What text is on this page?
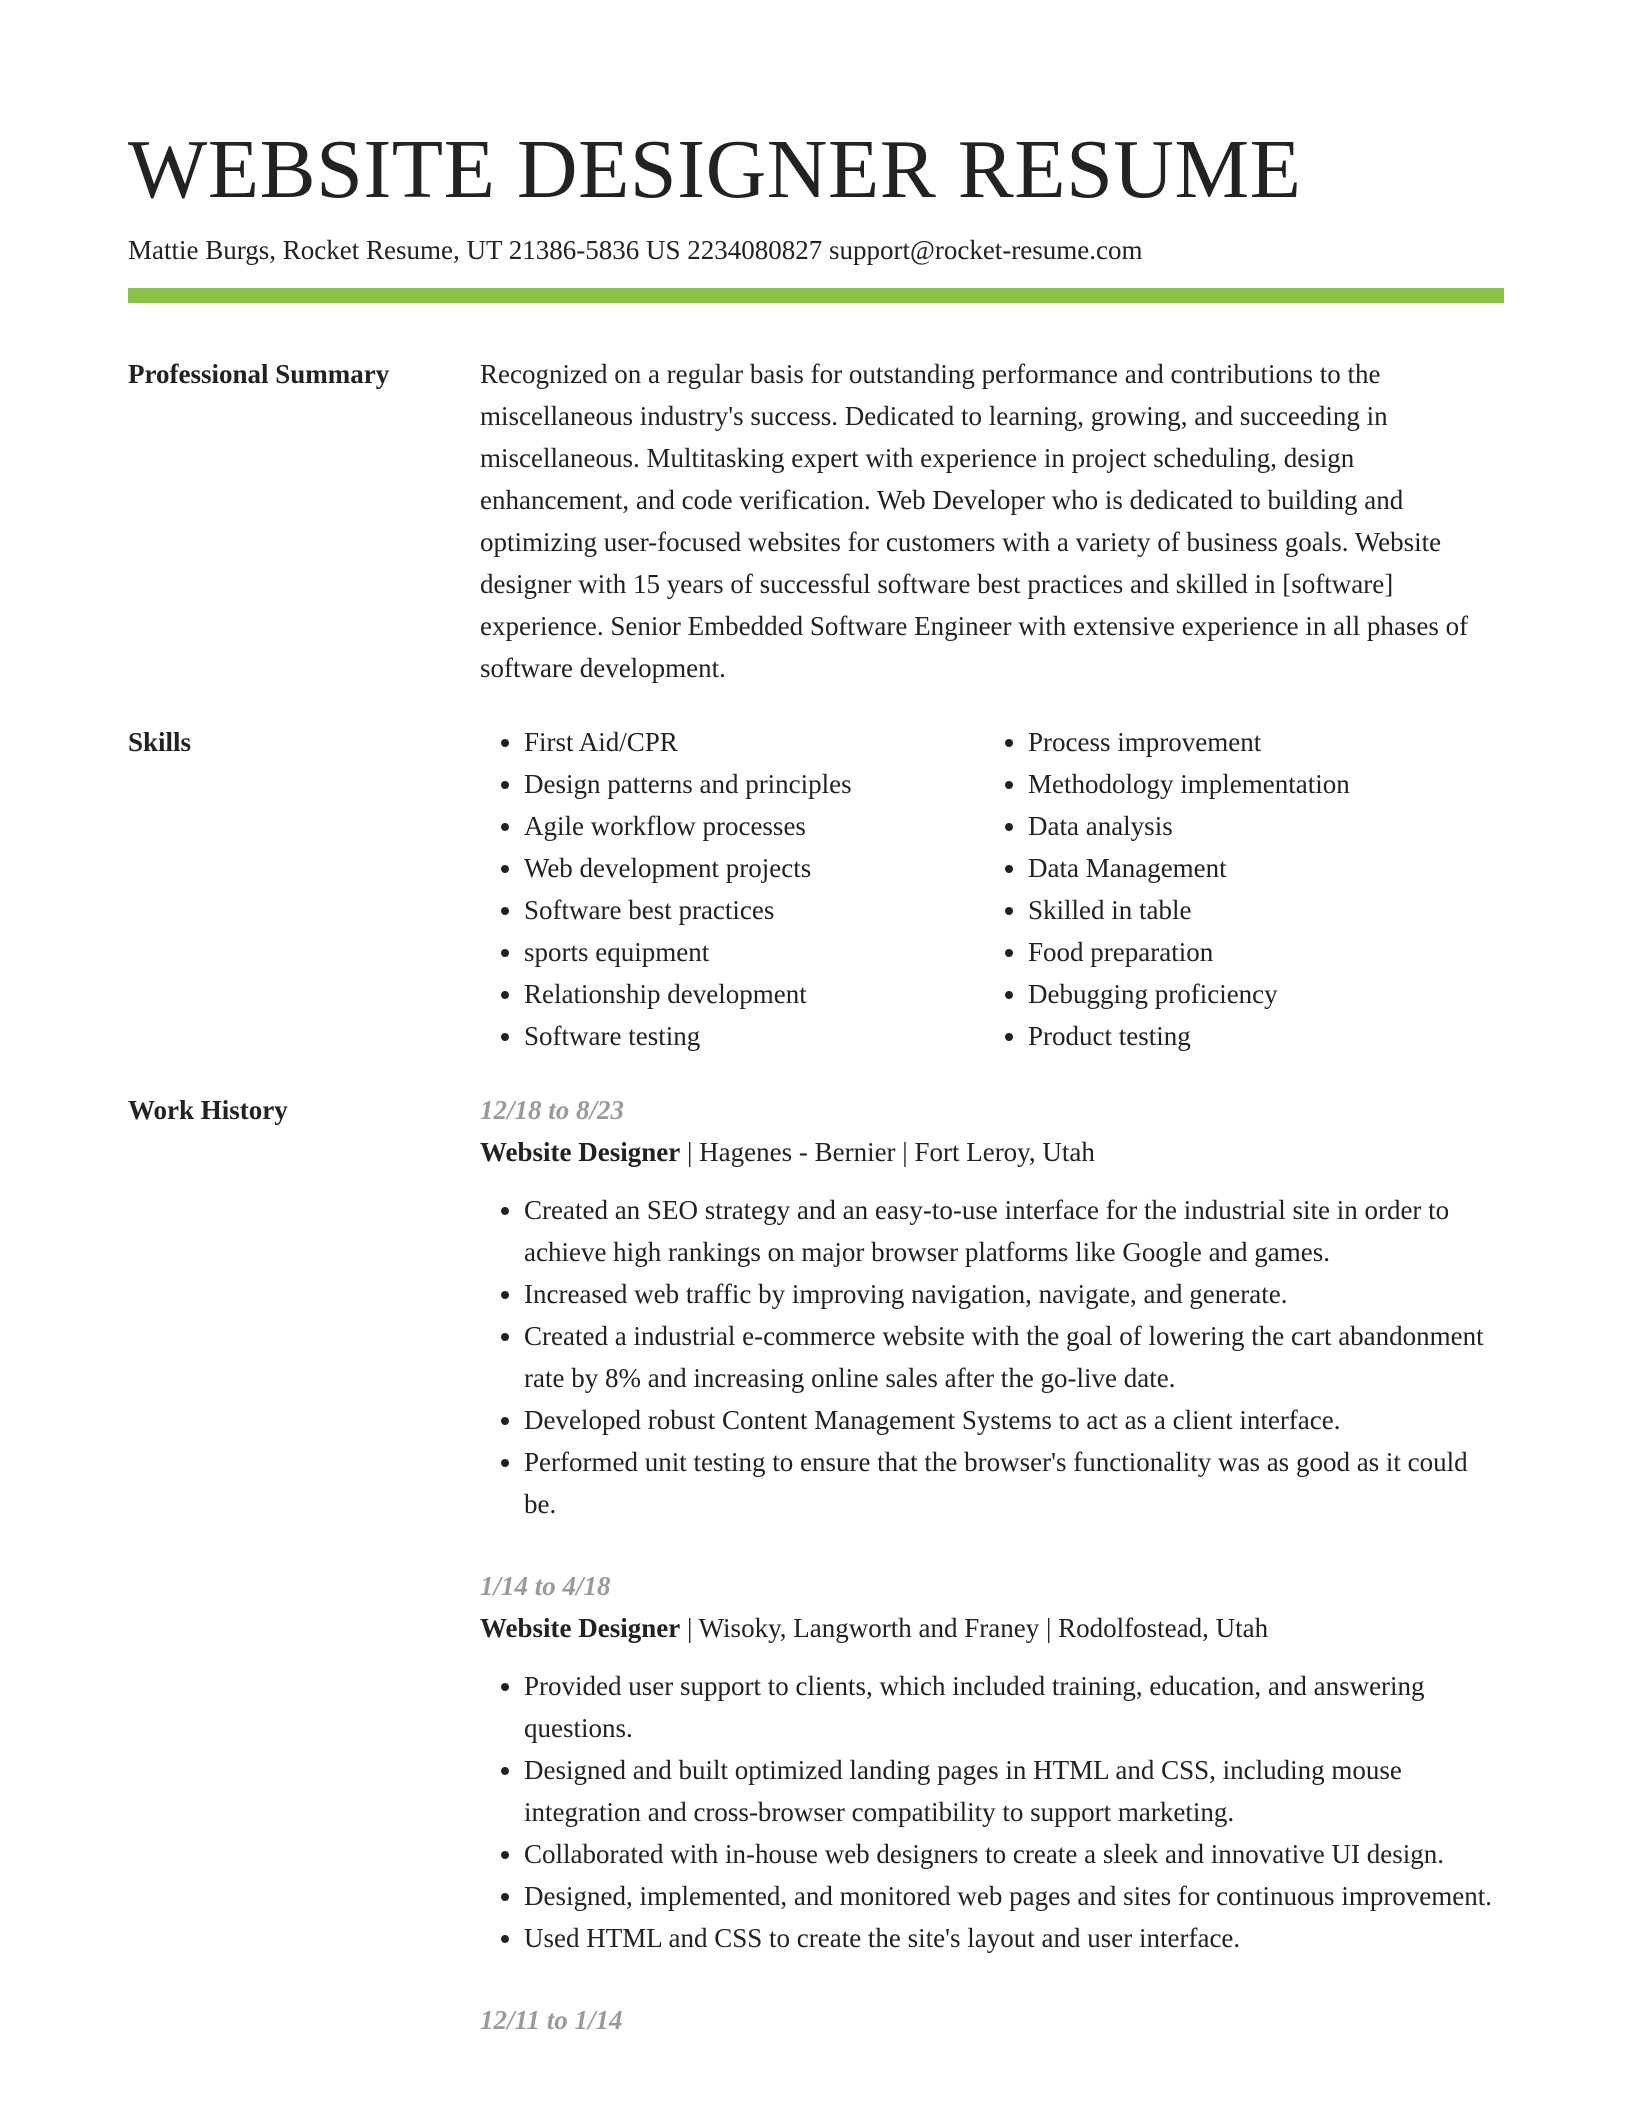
WEBSITE DESIGNER RESUME
Mattie Burgs, Rocket Resume, UT 21386-5836 US 2234080827 support@rocket-resume.com
Professional Summary	Recognized on a regular basis for outstanding performance and contributions to the miscellaneous industry's success. Dedicated to learning, growing, and succeeding in miscellaneous. Multitasking expert with experience in project scheduling, design enhancement, and code verification. Web Developer who is dedicated to building and optimizing user-focused websites for customers with a variety of business goals. Website designer with 15 years of successful software best practices and skilled in [software] experience. Senior Embedded Software Engineer with extensive experience in all phases of software development.
Skills
•	First Aid/CPR
• Design patterns and principles
• Agile workflow processes
• Web development projects
• Software best practices
• sports equipment
• Relationship development
• Software testing
• Process improvement
• Methodology implementation
• Data analysis
• Data Management
• Skilled in table
• Food preparation
• Debugging proficiency
• Product testing
Work History	12/18 to 8/23
Website Designer | Hagenes - Bernier | Fort Leroy, Utah
• Created an SEO strategy and an easy-to-use interface for the industrial site in order to achieve high rankings on major browser platforms like Google and games.
• Increased web traffic by improving navigation, navigate, and generate.
• Created a industrial e-commerce website with the goal of lowering the cart abandonment rate by 8% and increasing online sales after the go-live date.
• Developed robust Content Management Systems to act as a client interface.
• Performed unit testing to ensure that the browser's functionality was as good as it could be.
1/14 to 4/18
Website Designer | Wisoky, Langworth and Franey | Rodolfostead, Utah
• Provided user support to clients, which included training, education, and answering questions.
• Designed and built optimized landing pages in HTML and CSS, including mouse integration and cross-browser compatibility to support marketing.
• Collaborated with in-house web designers to create a sleek and innovative UI design.
• Designed, implemented, and monitored web pages and sites for continuous improvement.
• Used HTML and CSS to create the site's layout and user interface.
12/11 to 1/14
